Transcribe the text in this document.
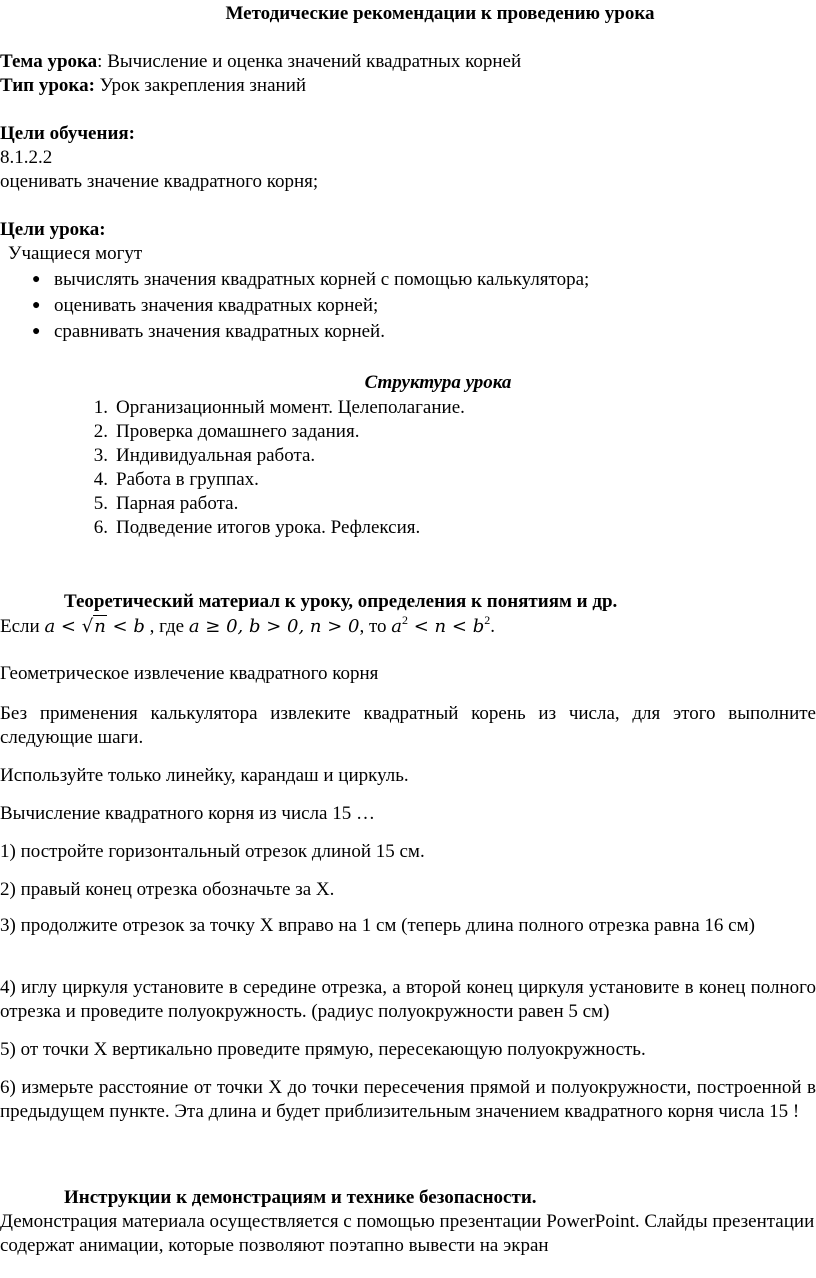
Методические рекомендации к проведению урока
Тема урока: Вычисление и оценка значений квадратных корней
Тип урока: Урок закрепления знаний
Цели обучения:
8.1.2.2
оценивать значение квадратного корня;
Цели урока:
Учащиеся могут
● вычислять значения квадратных корней с помощью калькулятора;
● оценивать значения квадратных корней;
● сравнивать значения квадратных корней.
Структура урока
1. Организационный момент. Целеполагание.
2. Проверка домашнего задания.
3. Индивидуальная работа.
4. Работа в группах.
5. Парная работа.
6. Подведение итогов урока. Рефлексия.
Теоретический материал к уроку, определения к понятиям и др.
Если a < √n < b , где a ≥ 0, b > 0, n > 0, то $a^2 < n < b^2$.
Геометрическое извлечение квадратного корня
Без применения калькулятора извлеките квадратный корень из числа, для этого выполните следующие шаги.
Используйте только линейку, карандаш и циркуль.
Вычисление квадратного корня из числа 15 …
1) постройте горизонтальный отрезок длиной 15 см.
2) правый конец отрезка обозначьте за Х.
3) продолжите отрезок за точку Х вправо на 1 см (теперь длина полного отрезка равна 16 см)
4) иглу циркуля установите в середине отрезка, а второй конец циркуля установите в конец полного отрезка и проведите полуокружность. (радиус полуокружности равен 5 см)
5) от точки Х вертикально проведите прямую, пересекающую полуокружность.
6) измерьте расстояние от точки Х до точки пересечения прямой и полуокружности, построенной в предыдущем пункте. Эта длина и будет приблизительным значением квадратного корня числа 15 !
Инструкции к демонстрациям и технике безопасности.
Демонстрация материала осуществляется с помощью презентации PowerPoint. Слайды презентации содержат анимации, которые позволяют поэтапно вывести на экран
